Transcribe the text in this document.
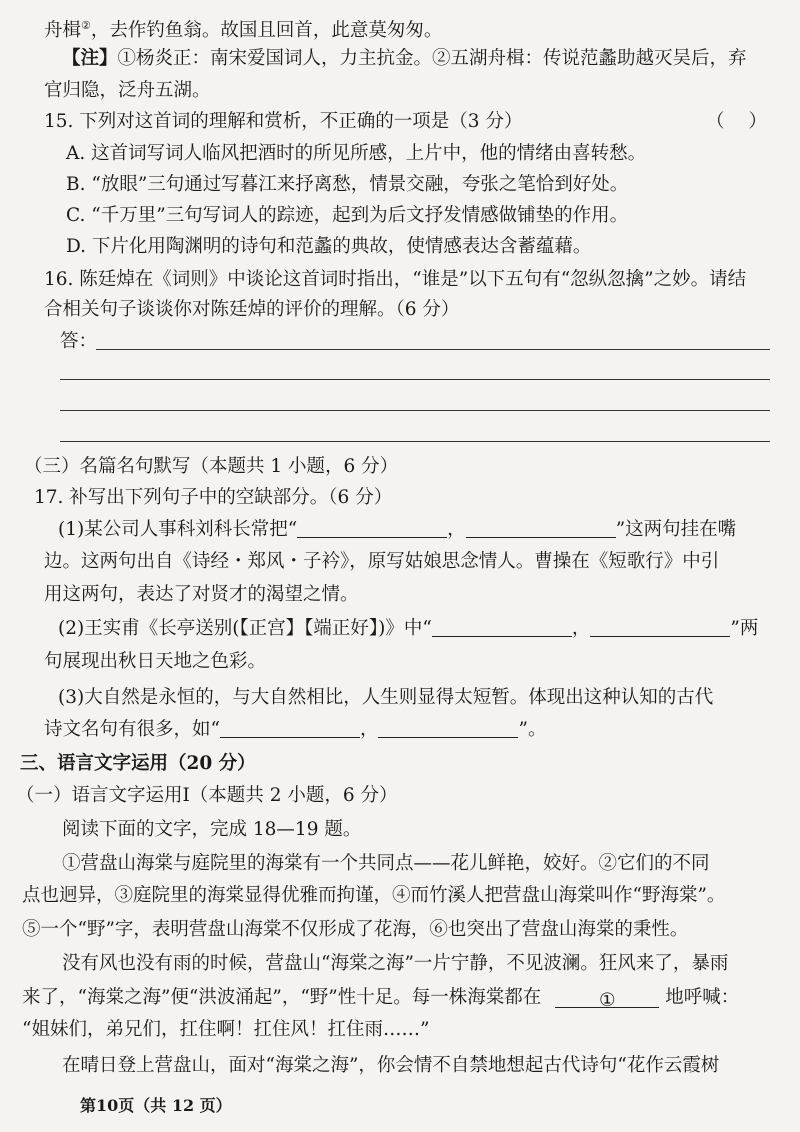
舟楫②，去作钓鱼翁。故国且回首，此意莫匆匆。
【注】①杨炎正：南宋爱国词人，力主抗金。②五湖舟楫：传说范蠡助越灭吴后，弃
官归隐，泛舟五湖。
15. 下列对这首词的理解和赏析，不正确的一项是（3 分）	（ ）
A. 这首词写词人临风把酒时的所见所感，上片中，他的情绪由喜转愁。
B. “放眼”三句通过写暮江来抒离愁，情景交融，夸张之笔恰到好处。
C. “千万里”三句写词人的踪迹，起到为后文抒发情感做铺垫的作用。
D. 下片化用陶渊明的诗句和范蠡的典故，使情感表达含蓄蕴藉。
16. 陈廷焯在《词则》中谈论这首词时指出，“谁是”以下五句有“忽纵忽擒”之妙。请结
合相关句子谈谈你对陈廷焯的评价的理解。（6 分）
答：
（三）名篇名句默写（本题共 1 小题，6 分）
17. 补写出下列句子中的空缺部分。（6 分）
(1)某公司人事科刘科长常把“	，	”这两句挂在嘴
边。这两句出自《诗经・郑风・子衿》，原写姑娘思念情人。曹操在《短歌行》中引
用这两句，表达了对贤才的渴望之情。
(2)王实甫《长亭送别(【正宫】【端正好】)》中“	，	”两
句展现出秋日天地之色彩。
(3)大自然是永恒的，与大自然相比，人生则显得太短暂。体现出这种认知的古代
诗文名句有很多，如“	，	”。
三、语言文字运用（20 分）
（一）语言文字运用Ⅰ（本题共 2 小题，6 分）
阅读下面的文字，完成 18—19 题。
①营盘山海棠与庭院里的海棠有一个共同点——花儿鲜艳，姣好。②它们的不同
点也迥异，③庭院里的海棠显得优雅而拘谨，④而竹溪人把营盘山海棠叫作“野海棠”。
⑤一个“野”字，表明营盘山海棠不仅形成了花海，⑥也突出了营盘山海棠的秉性。
没有风也没有雨的时候，营盘山“海棠之海”一片宁静，不见波澜。狂风来了，暴雨
来了，“海棠之海”便“洪波涌起”，“野”性十足。每一株海棠都在	①	地呼喊：
“姐妹们，弟兄们，扛住啊！扛住风！扛住雨……”
在晴日登上营盘山，面对“海棠之海”，你会情不自禁地想起古代诗句“花作云霞树
第10页（共 12 页）
